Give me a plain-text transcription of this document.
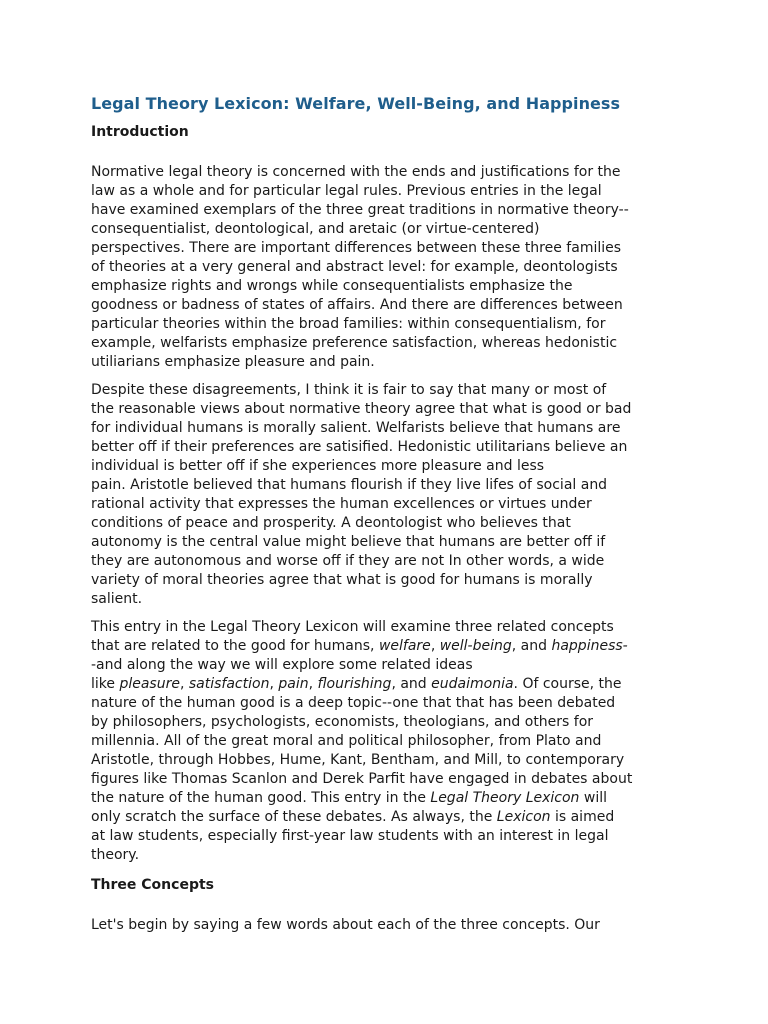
Legal Theory Lexicon: Welfare, Well-Being, and Happiness
Introduction

Normative legal theory is concerned with the ends and justifications for the
law as a whole and for particular legal rules. Previous entries in the legal
have examined exemplars of the three great traditions in normative theory--
consequentialist, deontological, and aretaic (or virtue-centered)
perspectives. There are important differences between these three families
of theories at a very general and abstract level: for example, deontologists
emphasize rights and wrongs while consequentialists emphasize the
goodness or badness of states of affairs. And there are differences between
particular theories within the broad families: within consequentialism, for
example, welfarists emphasize preference satisfaction, whereas hedonistic
utiliarians emphasize pleasure and pain.

Despite these disagreements, I think it is fair to say that many or most of
the reasonable views about normative theory agree that what is good or bad
for individual humans is morally salient. Welfarists believe that humans are
better off if their preferences are satisified. Hedonistic utilitarians believe an
individual is better off if she experiences more pleasure and less
pain. Aristotle believed that humans flourish if they live lifes of social and
rational activity that expresses the human excellences or virtues under
conditions of peace and prosperity. A deontologist who believes that
autonomy is the central value might believe that humans are better off if
they are autonomous and worse off if they are not In other words, a wide
variety of moral theories agree that what is good for humans is morally
salient.

This entry in the Legal Theory Lexicon will examine three related concepts
that are related to the good for humans, welfare, well-being, and happiness-
-and along the way we will explore some related ideas
like pleasure, satisfaction, pain, flourishing, and eudaimonia. Of course, the
nature of the human good is a deep topic--one that that has been debated
by philosophers, psychologists, economists, theologians, and others for
millennia. All of the great moral and political philosopher, from Plato and
Aristotle, through Hobbes, Hume, Kant, Bentham, and Mill, to contemporary
figures like Thomas Scanlon and Derek Parfit have engaged in debates about
the nature of the human good. This entry in the Legal Theory Lexicon will
only scratch the surface of these debates. As always, the Lexicon is aimed
at law students, especially first-year law students with an interest in legal
theory.

Three Concepts

Let's begin by saying a few words about each of the three concepts. Our
